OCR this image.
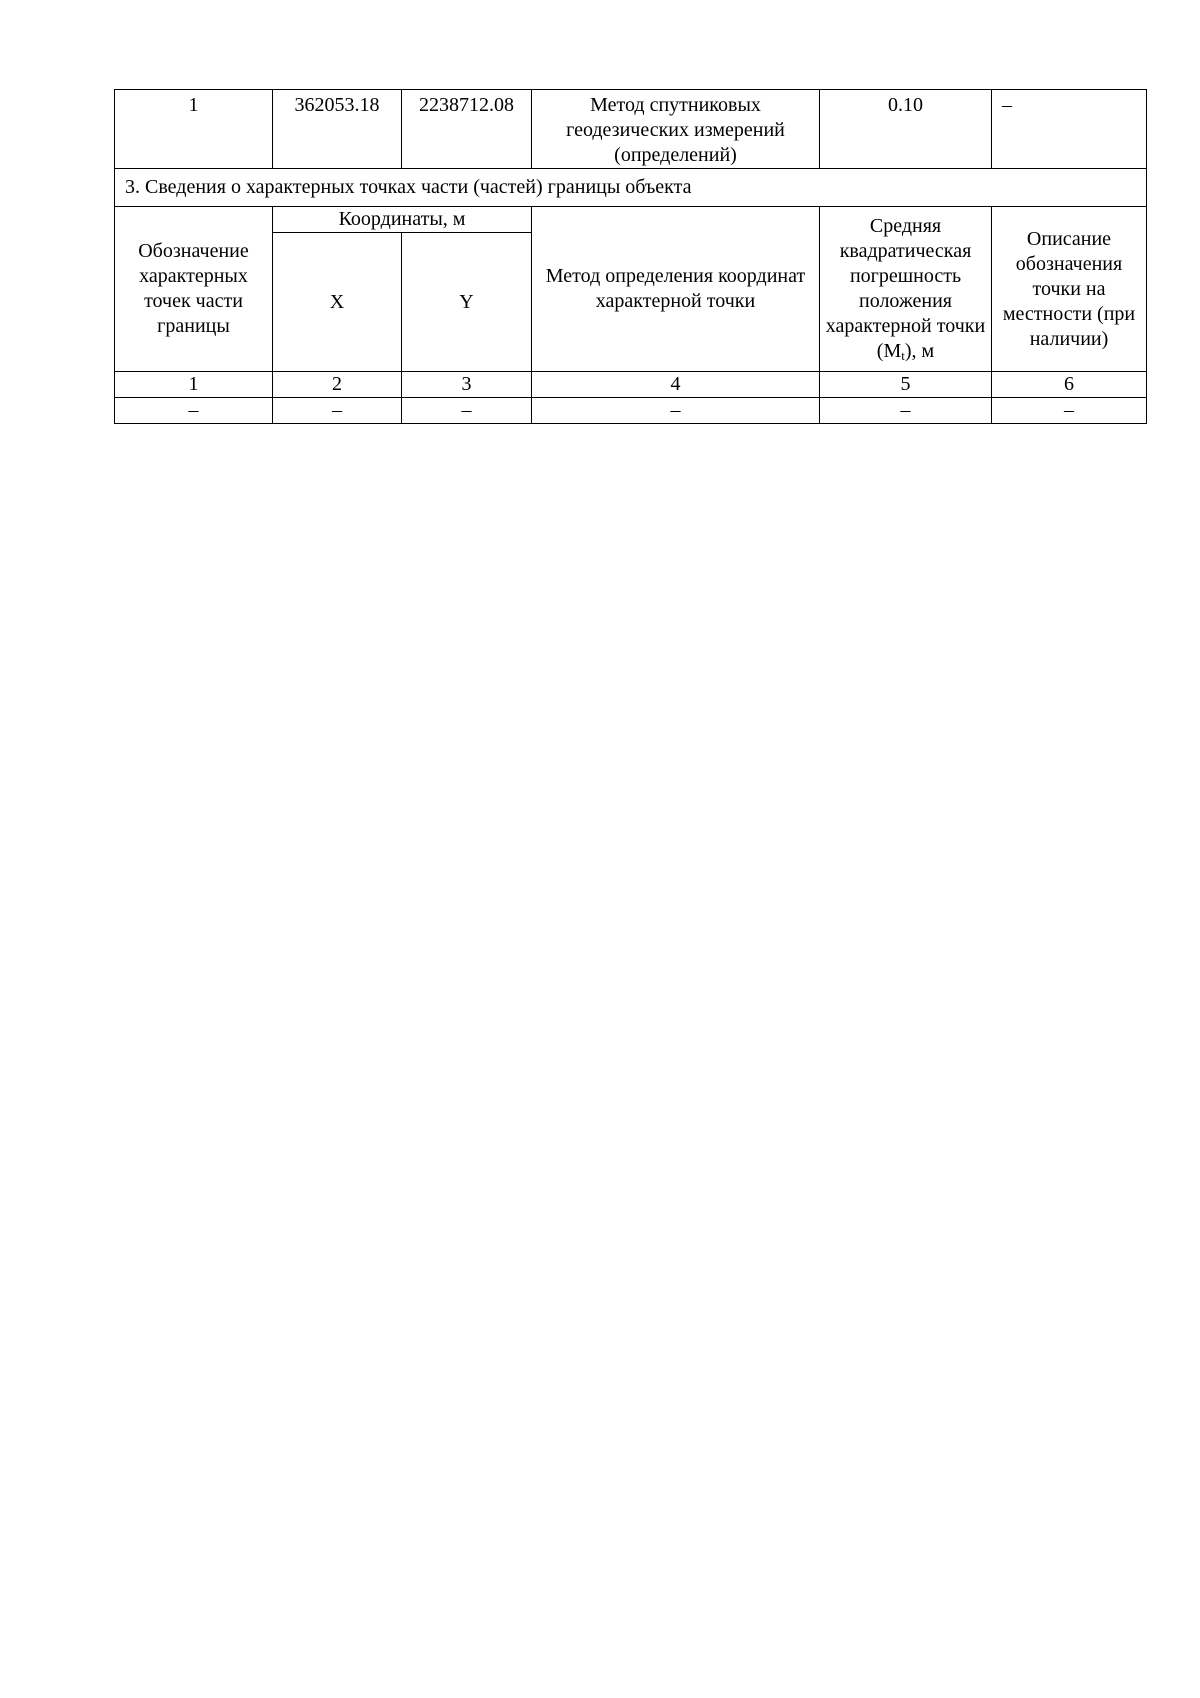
1	362053.18	2238712.08	Метод спутниковых геодезических измерений (определений)	0.10	–
3. Сведения о характерных точках части (частей) границы объекта					
Обозначение характерных точек части границы	Координаты, м		Метод определения координат характерной точки	Средняя квадратическая погрешность положения характерной точки $(M_t)$, м	Описание обозначения точки на местности (при наличии)
	X	Y			
1	2	3	4	5	6
–	–	–	–	–	–
